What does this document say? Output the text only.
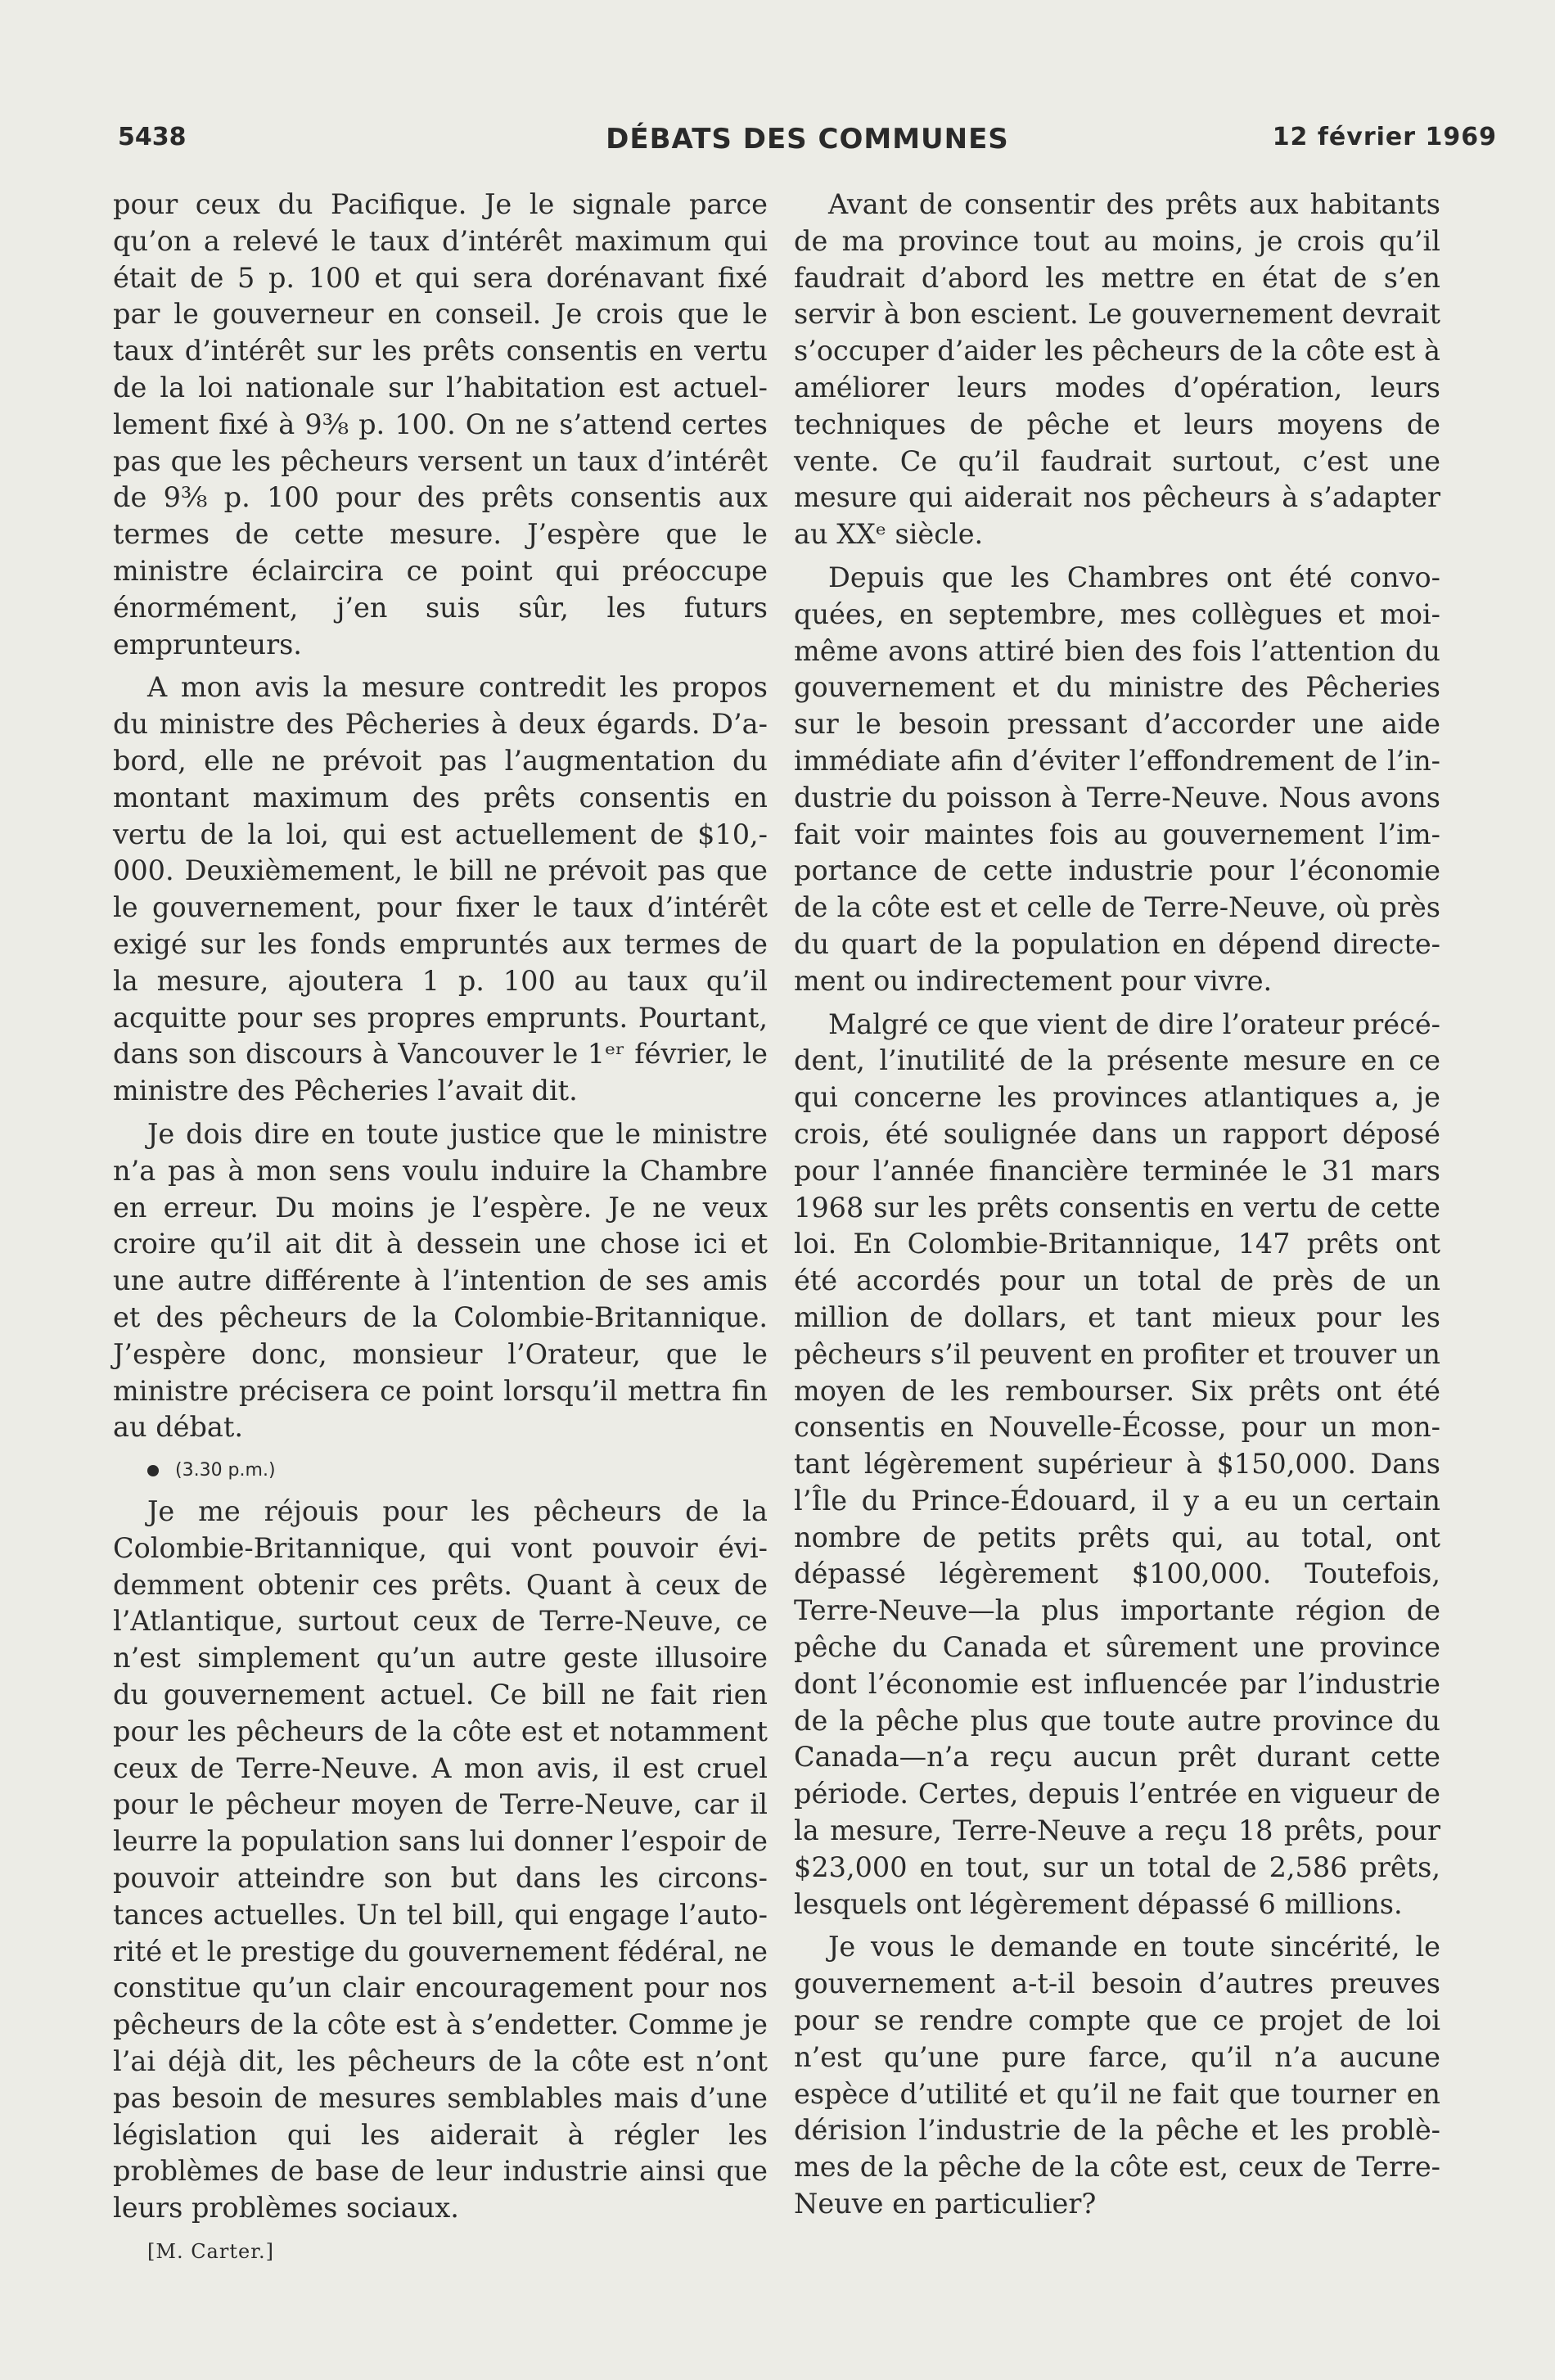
5438	DÉBATS DES COMMUNES	12 février 1969

pour ceux du Pacifique. Je le signale parce qu’on a relevé le taux d’intérêt maximum qui était de 5 p. 100 et qui sera dorénavant fixé par le gouverneur en conseil. Je crois que le taux d’intérêt sur les prêts consentis en vertu de la loi nationale sur l’habitation est actuellement fixé à 9⅜ p. 100. On ne s’attend certes pas que les pêcheurs versent un taux d’intérêt de 9⅜ p. 100 pour des prêts consentis aux termes de cette mesure. J’espère que le ministre éclaircira ce point qui préoccupe énormément, j’en suis sûr, les futurs emprunteurs.

A mon avis la mesure contredit les propos du ministre des Pêcheries à deux égards. D’abord, elle ne prévoit pas l’augmentation du montant maximum des prêts consentis en vertu de la loi, qui est actuellement de $10,000. Deuxièmement, le bill ne prévoit pas que le gouvernement, pour fixer le taux d’intérêt exigé sur les fonds empruntés aux termes de la mesure, ajoutera 1 p. 100 au taux qu’il acquitte pour ses propres emprunts. Pourtant, dans son discours à Vancouver le 1ᵉʳ février, le ministre des Pêcheries l’avait dit.

Je dois dire en toute justice que le ministre n’a pas à mon sens voulu induire la Chambre en erreur. Du moins je l’espère. Je ne veux croire qu’il ait dit à dessein une chose ici et une autre différente à l’intention de ses amis et des pêcheurs de la Colombie-Britannique. J’espère donc, monsieur l’Orateur, que le ministre précisera ce point lorsqu’il mettra fin au débat.

(3.30 p.m.)

Je me réjouis pour les pêcheurs de la Colombie-Britannique, qui vont pouvoir évidemment obtenir ces prêts. Quant à ceux de l’Atlantique, surtout ceux de Terre-Neuve, ce n’est simplement qu’un autre geste illusoire du gouvernement actuel. Ce bill ne fait rien pour les pêcheurs de la côte est et notamment ceux de Terre-Neuve. A mon avis, il est cruel pour le pêcheur moyen de Terre-Neuve, car il leurre la population sans lui donner l’espoir de pouvoir atteindre son but dans les circonstances actuelles. Un tel bill, qui engage l’autorité et le prestige du gouvernement fédéral, ne constitue qu’un clair encouragement pour nos pêcheurs de la côte est à s’endetter. Comme je l’ai déjà dit, les pêcheurs de la côte est n’ont pas besoin de mesures semblables mais d’une législation qui les aiderait à régler les problèmes de base de leur industrie ainsi que leurs problèmes sociaux.

[M. Carter.]

Avant de consentir des prêts aux habitants de ma province tout au moins, je crois qu’il faudrait d’abord les mettre en état de s’en servir à bon escient. Le gouvernement devrait s’occuper d’aider les pêcheurs de la côte est à améliorer leurs modes d’opération, leurs techniques de pêche et leurs moyens de vente. Ce qu’il faudrait surtout, c’est une mesure qui aiderait nos pêcheurs à s’adapter au XXᵉ siècle.

Depuis que les Chambres ont été convoquées, en septembre, mes collègues et moi-même avons attiré bien des fois l’attention du gouvernement et du ministre des Pêcheries sur le besoin pressant d’accorder une aide immédiate afin d’éviter l’effondrement de l’industrie du poisson à Terre-Neuve. Nous avons fait voir maintes fois au gouvernement l’importance de cette industrie pour l’économie de la côte est et celle de Terre-Neuve, où près du quart de la population en dépend directement ou indirectement pour vivre.

Malgré ce que vient de dire l’orateur précédent, l’inutilité de la présente mesure en ce qui concerne les provinces atlantiques a, je crois, été soulignée dans un rapport déposé pour l’année financière terminée le 31 mars 1968 sur les prêts consentis en vertu de cette loi. En Colombie-Britannique, 147 prêts ont été accordés pour un total de près de un million de dollars, et tant mieux pour les pêcheurs s’il peuvent en profiter et trouver un moyen de les rembourser. Six prêts ont été consentis en Nouvelle-Écosse, pour un montant légèrement supérieur à $150,000. Dans l’Île du Prince-Édouard, il y a eu un certain nombre de petits prêts qui, au total, ont dépassé légèrement $100,000. Toutefois, Terre-Neuve—la plus importante région de pêche du Canada et sûrement une province dont l’économie est influencée par l’industrie de la pêche plus que toute autre province du Canada—n’a reçu aucun prêt durant cette période. Certes, depuis l’entrée en vigueur de la mesure, Terre-Neuve a reçu 18 prêts, pour $23,000 en tout, sur un total de 2,586 prêts, lesquels ont légèrement dépassé 6 millions.

Je vous le demande en toute sincérité, le gouvernement a-t-il besoin d’autres preuves pour se rendre compte que ce projet de loi n’est qu’une pure farce, qu’il n’a aucune espèce d’utilité et qu’il ne fait que tourner en dérision l’industrie de la pêche et les problèmes de la pêche de la côte est, ceux de Terre-Neuve en particulier?
